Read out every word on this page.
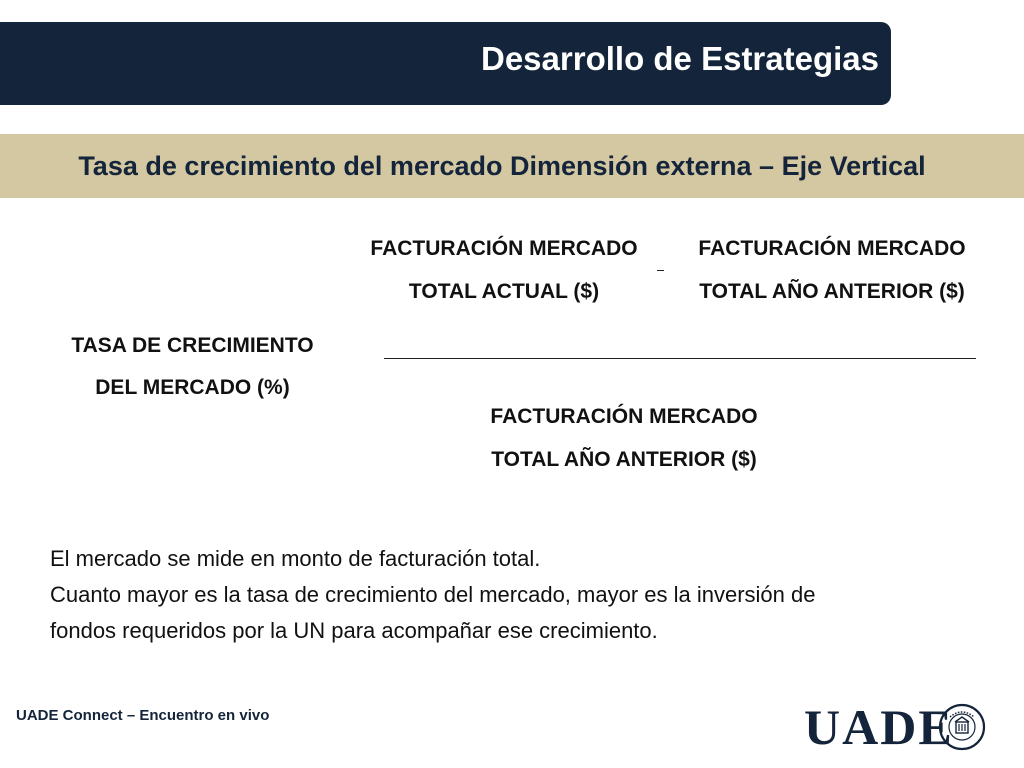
Desarrollo de Estrategias
Tasa de crecimiento del mercado Dimensión externa – Eje Vertical
TASA DE CRECIMIENTO
DEL MERCADO (%)
FACTURACIÓN MERCADO
TOTAL ACTUAL ($)
FACTURACIÓN MERCADO
TOTAL AÑO ANTERIOR ($)
FACTURACIÓN MERCADO
TOTAL AÑO ANTERIOR ($)
El mercado se mide en monto de facturación total.
Cuanto mayor es la tasa de crecimiento del mercado, mayor es la inversión de
fondos requeridos por la UN para acompañar ese crecimiento.
UADE Connect – Encuentro en vivo	UADE
